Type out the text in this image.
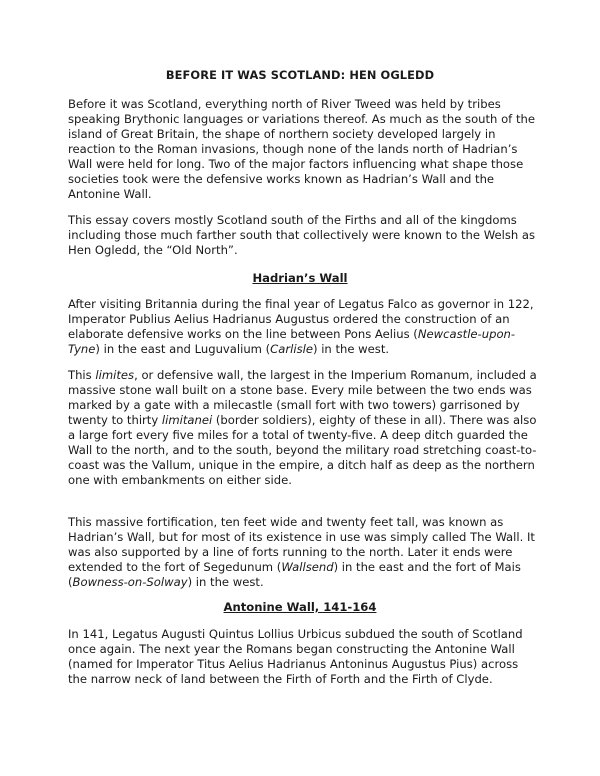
BEFORE IT WAS SCOTLAND: HEN OGLEDD

Before it was Scotland, everything north of River Tweed was held by tribes speaking Brythonic languages or variations thereof. As much as the south of the island of Great Britain, the shape of northern society developed largely in reaction to the Roman invasions, though none of the lands north of Hadrian’s Wall were held for long. Two of the major factors influencing what shape those societies took were the defensive works known as Hadrian’s Wall and the Antonine Wall.

This essay covers mostly Scotland south of the Firths and all of the kingdoms including those much farther south that collectively were known to the Welsh as Hen Ogledd, the “Old North”.

Hadrian’s Wall

After visiting Britannia during the final year of Legatus Falco as governor in 122, Imperator Publius Aelius Hadrianus Augustus ordered the construction of an elaborate defensive works on the line between Pons Aelius (Newcastle-upon-Tyne) in the east and Luguvalium (Carlisle) in the west.

This limites, or defensive wall, the largest in the Imperium Romanum, included a massive stone wall built on a stone base. Every mile between the two ends was marked by a gate with a milecastle (small fort with two towers) garrisoned by twenty to thirty limitanei (border soldiers), eighty of these in all). There was also a large fort every five miles for a total of twenty-five. A deep ditch guarded the Wall to the north, and to the south, beyond the military road stretching coast-to-coast was the Vallum, unique in the empire, a ditch half as deep as the northern one with embankments on either side.

This massive fortification, ten feet wide and twenty feet tall, was known as Hadrian’s Wall, but for most of its existence in use was simply called The Wall. It was also supported by a line of forts running to the north. Later it ends were extended to the fort of Segedunum (Wallsend) in the east and the fort of Mais (Bowness-on-Solway) in the west.

Antonine Wall, 141-164

In 141, Legatus Augusti Quintus Lollius Urbicus subdued the south of Scotland once again. The next year the Romans began constructing the Antonine Wall (named for Imperator Titus Aelius Hadrianus Antoninus Augustus Pius) across the narrow neck of land between the Firth of Forth and the Firth of Clyde.
